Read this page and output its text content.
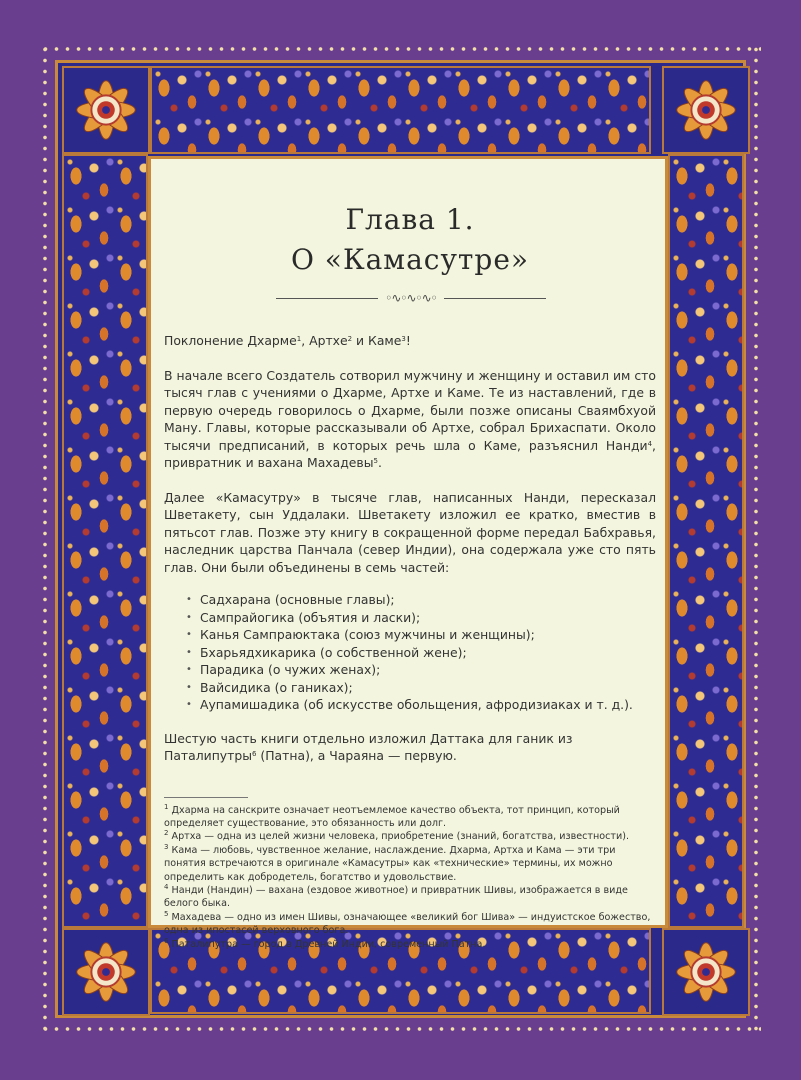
Глава 1.
О «Камасутре»
◦∿◦∿◦∿◦

Поклонение Дхарме$^1$, Артхе$^2$ и Каме$^3$!

В начале всего Создатель сотворил мужчину и женщину и оставил им сто тысяч глав с учениями о Дхарме, Артхе и Каме. Те из наставлений, где в первую очередь говорилось о Дхарме, были позже описаны Сваямбхуой Ману. Главы, которые рассказывали об Артхе, собрал Брихаспати. Около тысячи предписаний, в которых речь шла о Каме, разъяснил Нанди$^4$, привратник и вахана Махадевы$^5$.

Далее «Камасутру» в тысяче глав, написанных Нанди, пересказал Шветакету, сын Уддалаки. Шветакету изложил ее кратко, вместив в пятьсот глав. Позже эту книгу в сокращенной форме передал Бабхравья, наследник царства Панчала (север Индии), она содержала уже сто пять глав. Они были объединены в семь частей:

• Садхарана (основные главы);
• Сампрайогика (объятия и ласки);
• Канья Сампраюктака (союз мужчины и женщины);
• Бхарьядхикарика (о собственной жене);
• Парадика (о чужих женах);
• Вайсидика (о ганиках);
• Аупамишадика (об искусстве обольщения, афродизиаках и т. д.).

Шестую часть книги отдельно изложил Даттака для ганик из Паталипутры$^6$ (Патна), а Чараяна — первую.

$^1$ Дхарма на санскрите означает неотъемлемое качество объекта, тот принцип, который определяет существование, это обязанность или долг.
$^2$ Артха — одна из целей жизни человека, приобретение (знаний, богатства, известности).
$^3$ Кама — любовь, чувственное желание, наслаждение. Дхарма, Артха и Кама — эти три понятия встречаются в оригинале «Камасутры» как «технические» термины, их можно определить как добродетель, богатство и удовольствие.
$^4$ Нанди (Нандин) — вахана (ездовое животное) и привратник Шивы, изображается в виде белого быка.
$^5$ Махадева — одно из имен Шивы, означающее «великий бог Шива» — индуистское божество, одна из ипостасей верховного бога.
$^6$ Паталипутра — город в Древней Индии, современный Патна.
